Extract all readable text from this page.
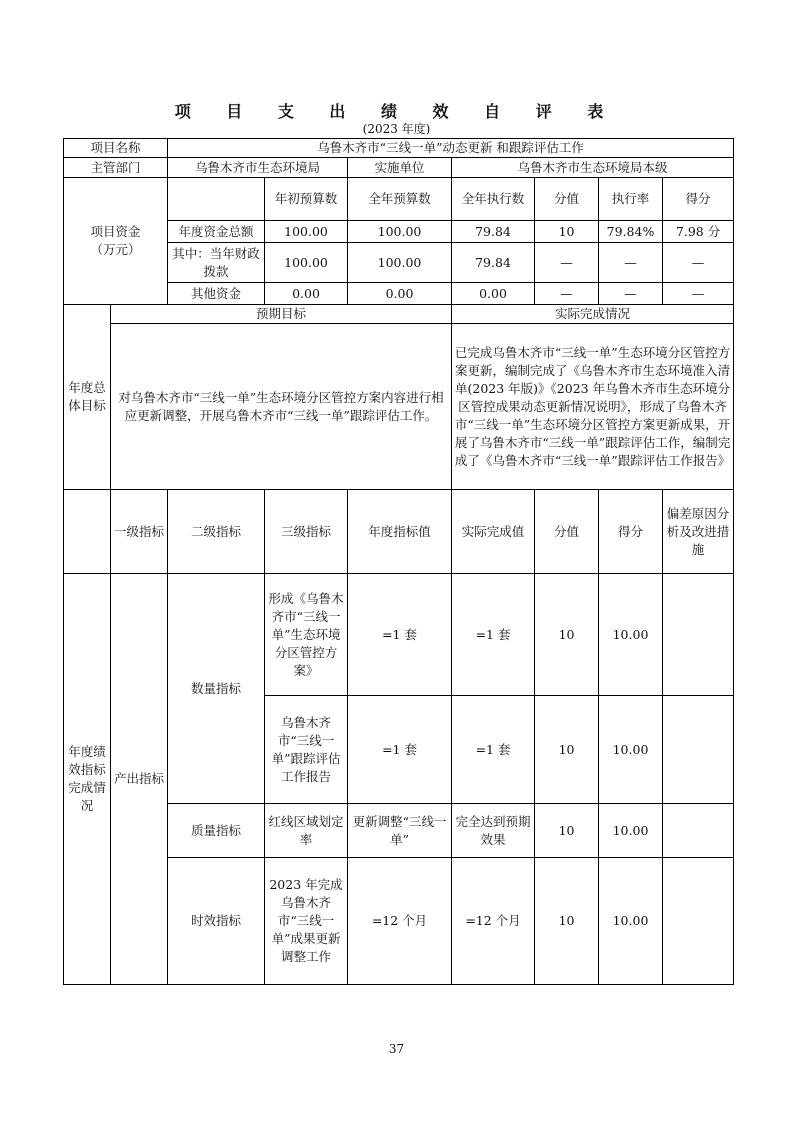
项 目 支 出 绩 效 自 评 表
(2023 年度)
项目名称		乌鲁木齐市“三线一单”动态更新 和跟踪评估工作						
主管部门		乌鲁木齐市生态环境局		实施单位	乌鲁木齐市生态环境局本级			
项目资金
（万元）			年初预算数	全年预算数	全年执行数	分值	执行率	得分
		年度资金总额	100.00	100.00	79.84	10	79.84%	7.98 分
		其中：当年财政拨款	100.00	100.00	79.84	—	—	—
		其他资金	0.00	0.00	0.00	—	—	—
年度总体目标	预期目标				实际完成情况			
	对乌鲁木齐市“三线一单”生态环境分区管控方案内容进行相应更新调整，开展乌鲁木齐市“三线一单”跟踪评估工作。				已完成乌鲁木齐市“三线一单”生态环境分区管控方案更新，编制完成了《乌鲁木齐市生态环境准入清单(2023 年版)》《2023 年乌鲁木齐市生态环境分区管控成果动态更新情况说明》，形成了乌鲁木齐市“三线一单”生态环境分区管控方案更新成果，开展了乌鲁木齐市“三线一单”跟踪评估工作，编制完成了《乌鲁木齐市“三线一单”跟踪评估工作报告》			
	一级指标	二级指标	三级指标	年度指标值	实际完成值	分值	得分	偏差原因分析及改进措施
年度绩效指标完成情况	产出指标	数量指标	形成《乌鲁木齐市“三线一单”生态环境分区管控方案》	=1 套	=1 套	10	10.00	
			乌鲁木齐市“三线一单”跟踪评估工作报告	=1 套	=1 套	10	10.00	
		质量指标	红线区域划定率	更新调整“三线一单”	完全达到预期效果	10	10.00	
		时效指标	2023 年完成乌鲁木齐市“三线一单”成果更新调整工作	=12 个月	=12 个月	10	10.00	
37
